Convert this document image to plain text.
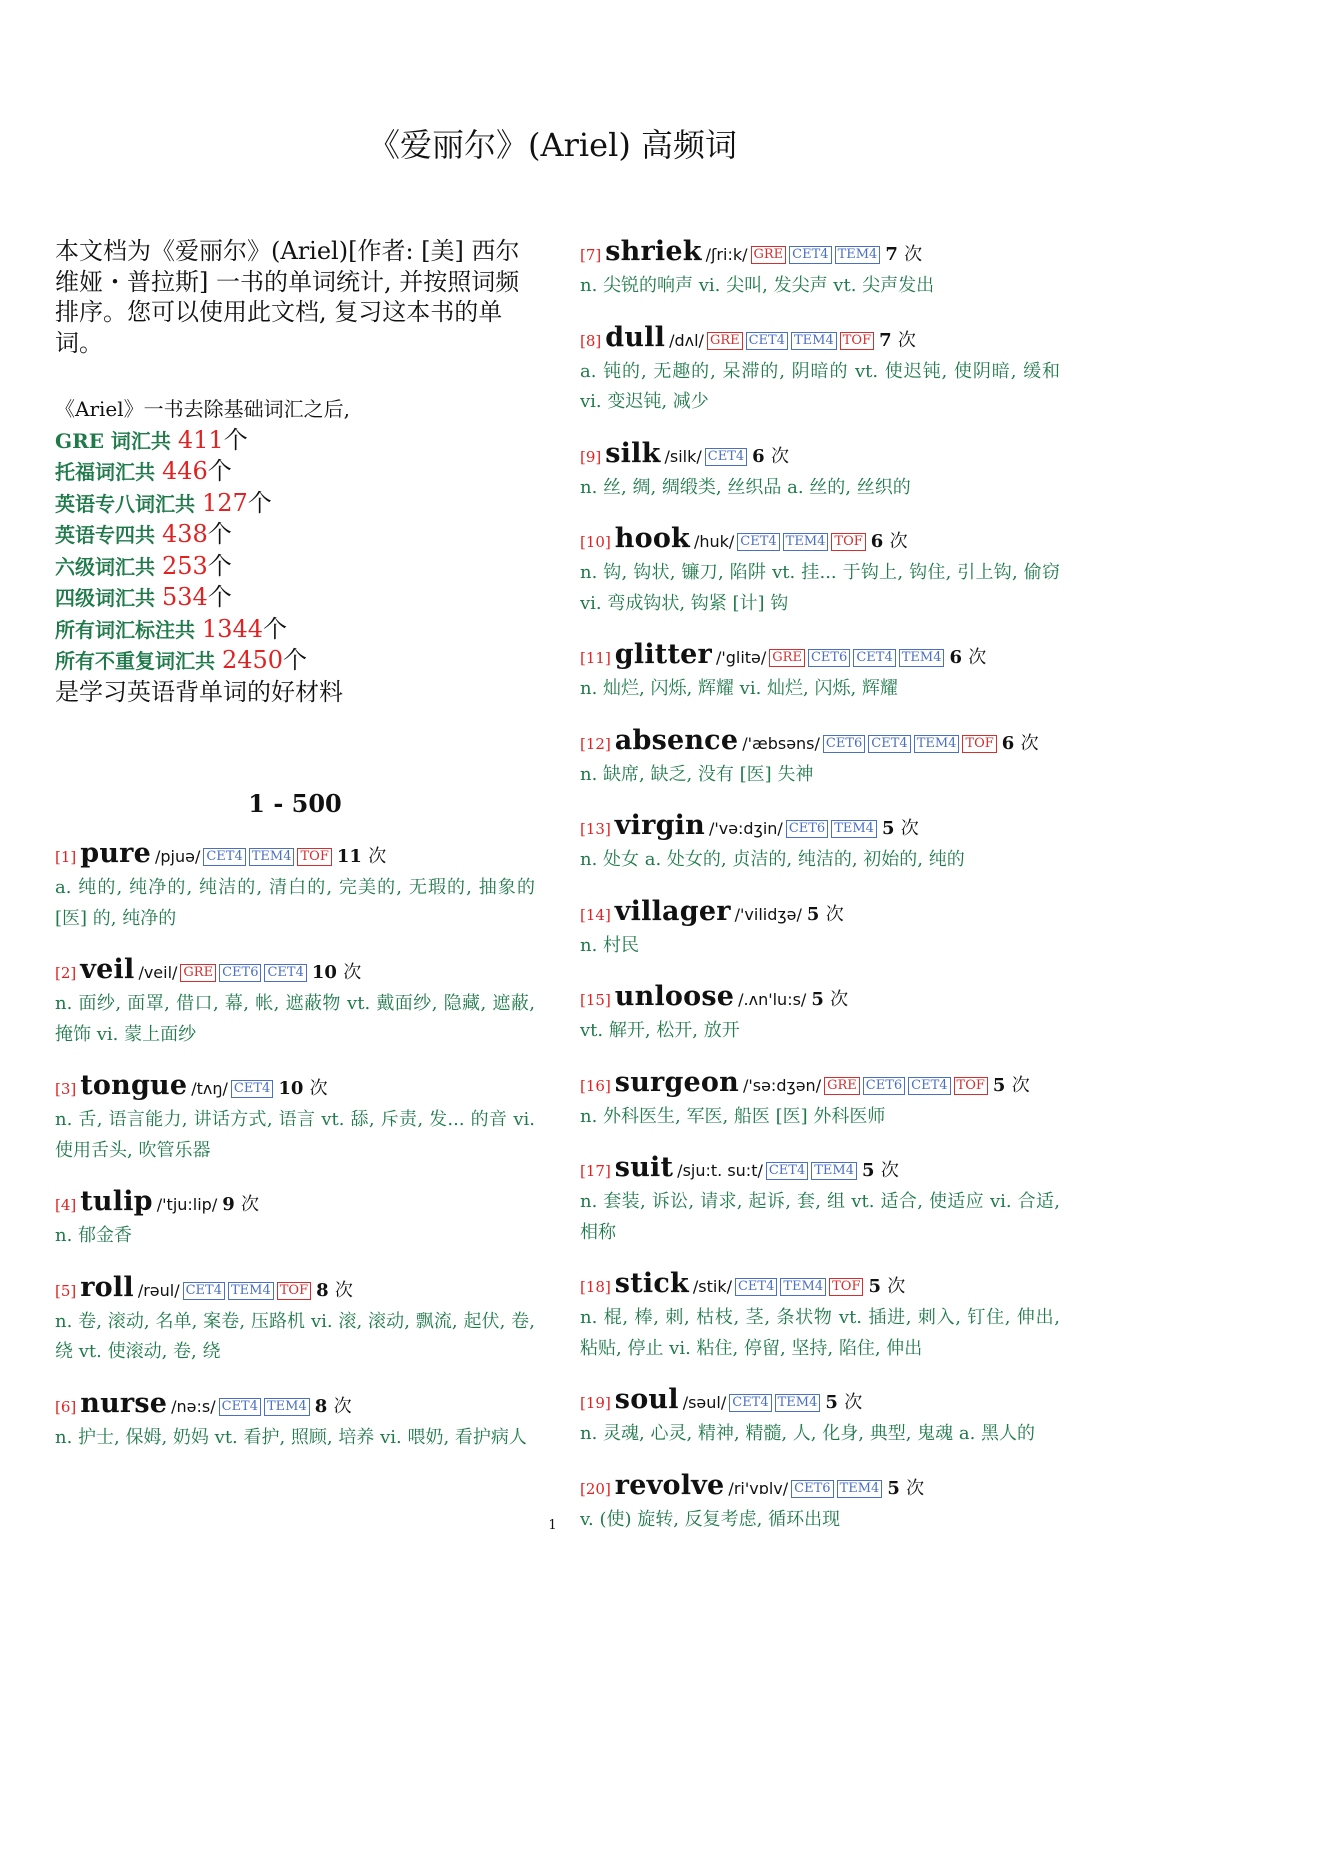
《爱丽尔》(Ariel) 高频词
本文档为《爱丽尔》(Ariel)[作者: [美] 西尔维娅・普拉斯] 一书的单词统计, 并按照词频排序。您可以使用此文档, 复习这本书的单词。
《Ariel》一书去除基础词汇之后,
GRE 词汇共 411个
托福词汇共 446个
英语专八词汇共 127个
英语专四共 438个
六级词汇共 253个
四级词汇共 534个
所有词汇标注共 1344个
所有不重复词汇共 2450个
是学习英语背单词的好材料
1 - 500
[1] pure /pjuə/ CET4 TEM4 TOF 11 次
a. 纯的, 纯净的, 纯洁的, 清白的, 完美的, 无瑕的, 抽象的 [医] 的, 纯净的
[2] veil /veil/ GRE CET6 CET4 10 次
n. 面纱, 面罩, 借口, 幕, 帐, 遮蔽物 vt. 戴面纱, 隐藏, 遮蔽, 掩饰 vi. 蒙上面纱
[3] tongue /tʌŋ/ CET4 10 次
n. 舌, 语言能力, 讲话方式, 语言 vt. 舔, 斥责, 发... 的音 vi. 使用舌头, 吹管乐器
[4] tulip /'tju:lip/ 9 次
n. 郁金香
[5] roll /rəul/ CET4 TEM4 TOF 8 次
n. 卷, 滚动, 名单, 案卷, 压路机 vi. 滚, 滚动, 飘流, 起伏, 卷, 绕 vt. 使滚动, 卷, 绕
[6] nurse /nə:s/ CET4 TEM4 8 次
n. 护士, 保姆, 奶妈 vt. 看护, 照顾, 培养 vi. 喂奶, 看护病人
[7] shriek /ʃri:k/ GRE CET4 TEM4 7 次
n. 尖锐的响声 vi. 尖叫, 发尖声 vt. 尖声发出
[8] dull /dʌl/ GRE CET4 TEM4 TOF 7 次
a. 钝的, 无趣的, 呆滞的, 阴暗的 vt. 使迟钝, 使阴暗, 缓和 vi. 变迟钝, 减少
[9] silk /silk/ CET4 6 次
n. 丝, 绸, 绸缎类, 丝织品 a. 丝的, 丝织的
[10] hook /huk/ CET4 TEM4 TOF 6 次
n. 钩, 钩状, 镰刀, 陷阱 vt. 挂... 于钩上, 钩住, 引上钩, 偷窃 vi. 弯成钩状, 钩紧 [计] 钩
[11] glitter /'glitə/ GRE CET6 CET4 TEM4 6 次
n. 灿烂, 闪烁, 辉耀 vi. 灿烂, 闪烁, 辉耀
[12] absence /'æbsəns/ CET6 CET4 TEM4 TOF 6 次
n. 缺席, 缺乏, 没有 [医] 失神
[13] virgin /'və:dʒin/ CET6 TEM4 5 次
n. 处女 a. 处女的, 贞洁的, 纯洁的, 初始的, 纯的
[14] villager /'vilidʒə/ 5 次
n. 村民
[15] unloose /.ʌn'lu:s/ 5 次
vt. 解开, 松开, 放开
[16] surgeon /'sə:dʒən/ GRE CET6 CET4 TOF 5 次
n. 外科医生, 军医, 船医 [医] 外科医师
[17] suit /sju:t. su:t/ CET4 TEM4 5 次
n. 套装, 诉讼, 请求, 起诉, 套, 组 vt. 适合, 使适应 vi. 合适, 相称
[18] stick /stik/ CET4 TEM4 TOF 5 次
n. 棍, 棒, 刺, 枯枝, 茎, 条状物 vt. 插进, 刺入, 钉住, 伸出, 粘贴, 停止 vi. 粘住, 停留, 坚持, 陷住, 伸出
[19] soul /səul/ CET4 TEM4 5 次
n. 灵魂, 心灵, 精神, 精髓, 人, 化身, 典型, 鬼魂 a. 黑人的
[20] revolve /ri'vɒlv/ CET6 TEM4 5 次
v. (使) 旋转, 反复考虑, 循环出现
1
